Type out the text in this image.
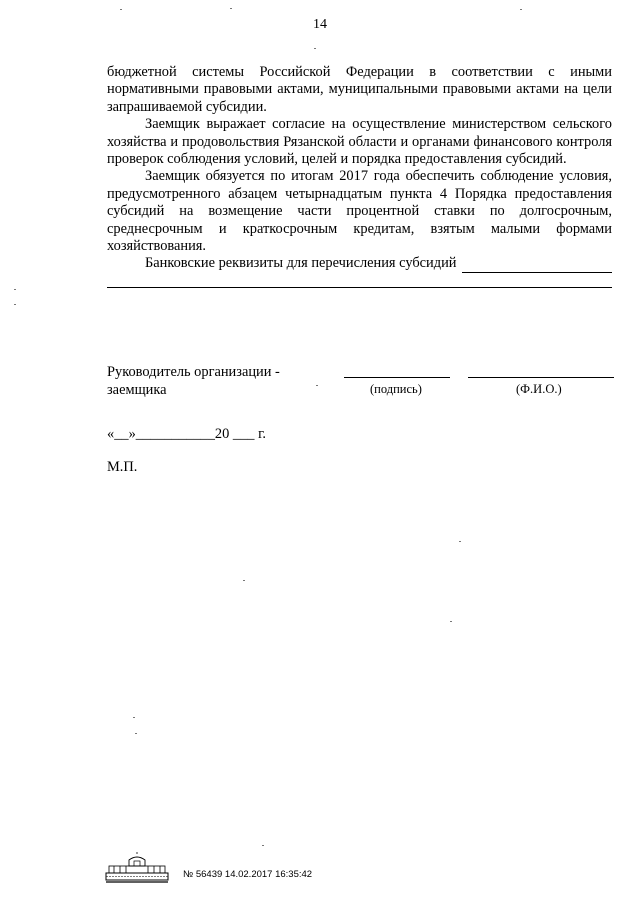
14

бюджетной системы Российской Федерации в соответствии с иными нормативными правовыми актами, муниципальными правовыми актами на цели запрашиваемой субсидии.

Заемщик выражает согласие на осуществление министерством сельского хозяйства и продовольствия Рязанской области и органами финансового контроля проверок соблюдения условий, целей и порядка предоставления субсидий.

Заемщик обязуется по итогам 2017 года обеспечить соблюдение условия, предусмотренного абзацем четырнадцатым пункта 4 Порядка предоставления субсидий на возмещение части процентной ставки по долгосрочным, среднесрочным и краткосрочным кредитам, взятым малыми формами хозяйствования.

Банковские реквизиты для перечисления субсидий

Руководитель организации -
заемщика	(подпись)	(Ф.И.О.)
«__»___________20 ___ г.
М.П.
№ 56439 14.02.2017 16:35:42
